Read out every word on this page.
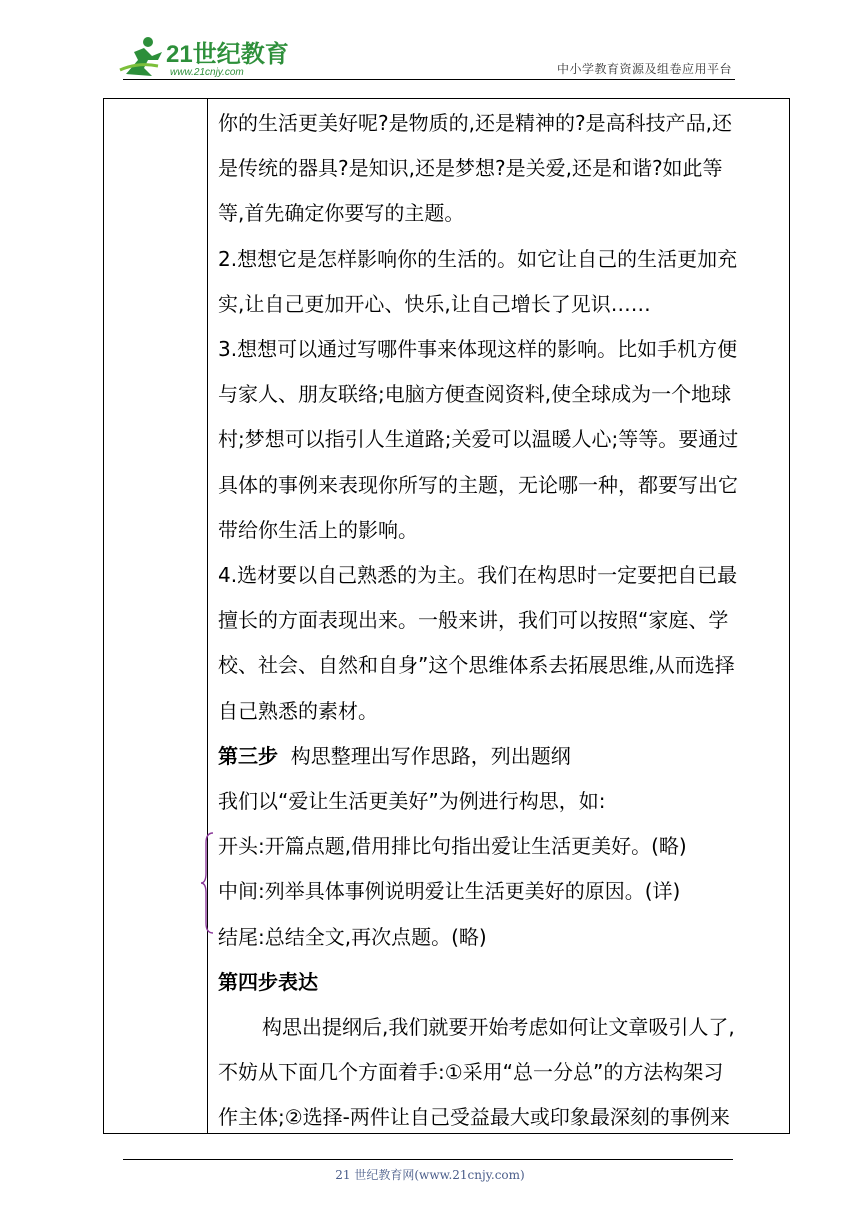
21世纪教育
www.21cnjy.com	中小学教育资源及组卷应用平台

你的生活更美好呢?是物质的,还是精神的?是高科技产品,还

是传统的器具?是知识,还是梦想?是关爱,还是和谐?如此等

等,首先确定你要写的主题。

2.想想它是怎样影响你的生活的。如它让自己的生活更加充

实,让自己更加开心、快乐,让自己增长了见识……

3.想想可以通过写哪件事来体现这样的影响。比如手机方便

与家人、朋友联络;电脑方便查阅资料,使全球成为一个地球

村;梦想可以指引人生道路;关爱可以温暖人心;等等。要通过

具体的事例来表现你所写的主题，无论哪一种，都要写出它

带给你生活上的影响。

4.选材要以自己熟悉的为主。我们在构思时一定要把自已最

擅长的方面表现出来。一般来讲，我们可以按照“家庭、学

校、社会、自然和自身”这个思维体系去拓展思维,从而选择

自己熟悉的素材。

第三步  构思整理出写作思路，列出题纲

我们以“爱让生活更美好”为例进行构思，如:

开头:开篇点题,借用排比句指出爱让生活更美好。(略)

中间:列举具体事例说明爱让生活更美好的原因。(详)

结尾:总结全文,再次点题。(略)

第四步表达

构思出提纲后,我们就要开始考虑如何让文章吸引人了,

不妨从下面几个方面着手:①采用“总一分总”的方法构架习

作主体;②选择-两件让自己受益最大或印象最深刻的事例来

21 世纪教育网(www.21cnjy.com)
